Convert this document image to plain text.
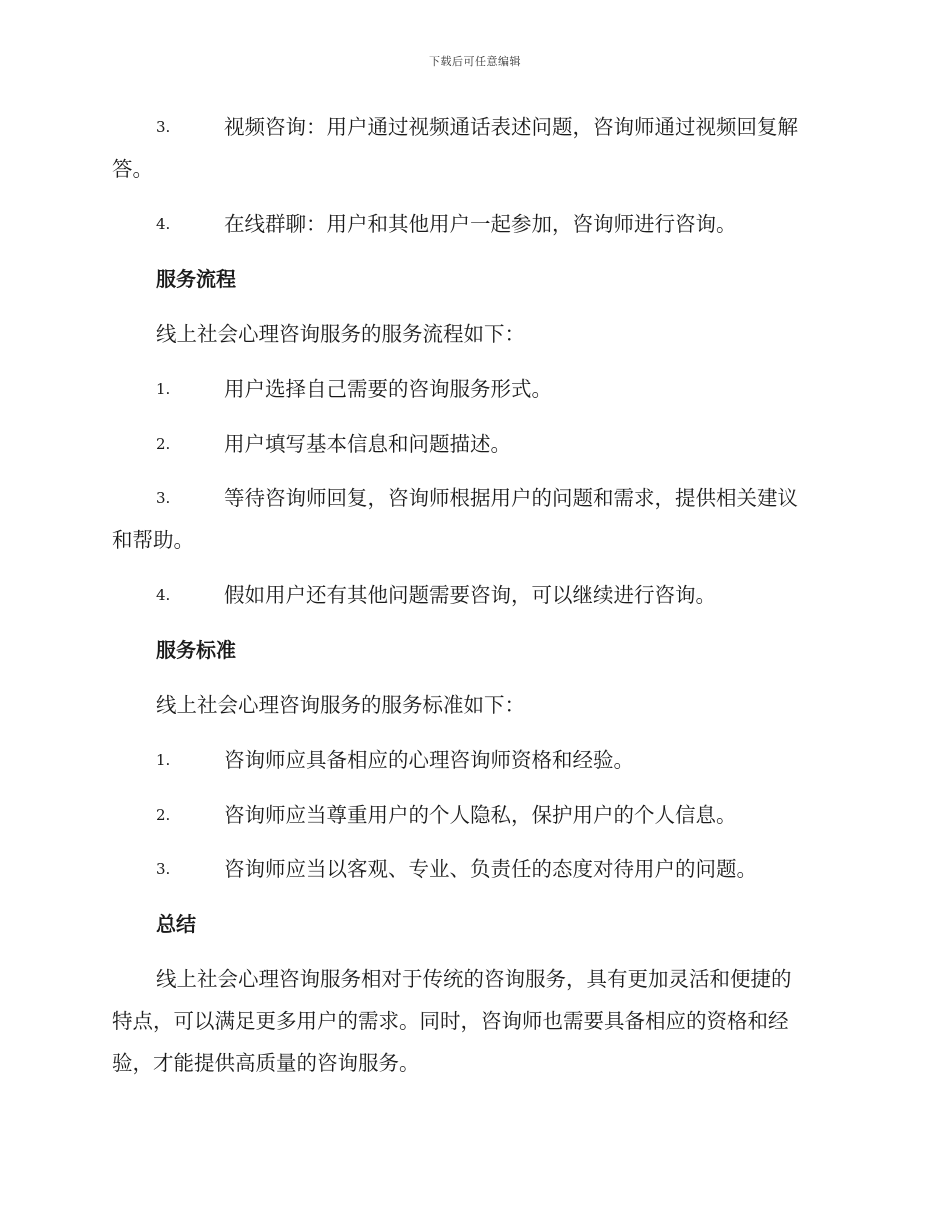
下载后可任意编辑
3.	视频咨询：用户通过视频通话表述问题，咨询师通过视频回复解
答。
4.	在线群聊：用户和其他用户一起参加，咨询师进行咨询。
服务流程
线上社会心理咨询服务的服务流程如下：
1.	用户选择自己需要的咨询服务形式。
2.	用户填写基本信息和问题描述。
3.	等待咨询师回复，咨询师根据用户的问题和需求，提供相关建议
和帮助。
4.	假如用户还有其他问题需要咨询，可以继续进行咨询。
服务标准
线上社会心理咨询服务的服务标准如下：
1.	咨询师应具备相应的心理咨询师资格和经验。
2.	咨询师应当尊重用户的个人隐私，保护用户的个人信息。
3.	咨询师应当以客观、专业、负责任的态度对待用户的问题。
总结
线上社会心理咨询服务相对于传统的咨询服务，具有更加灵活和便捷的
特点，可以满足更多用户的需求。同时，咨询师也需要具备相应的资格和经
验，才能提供高质量的咨询服务。
